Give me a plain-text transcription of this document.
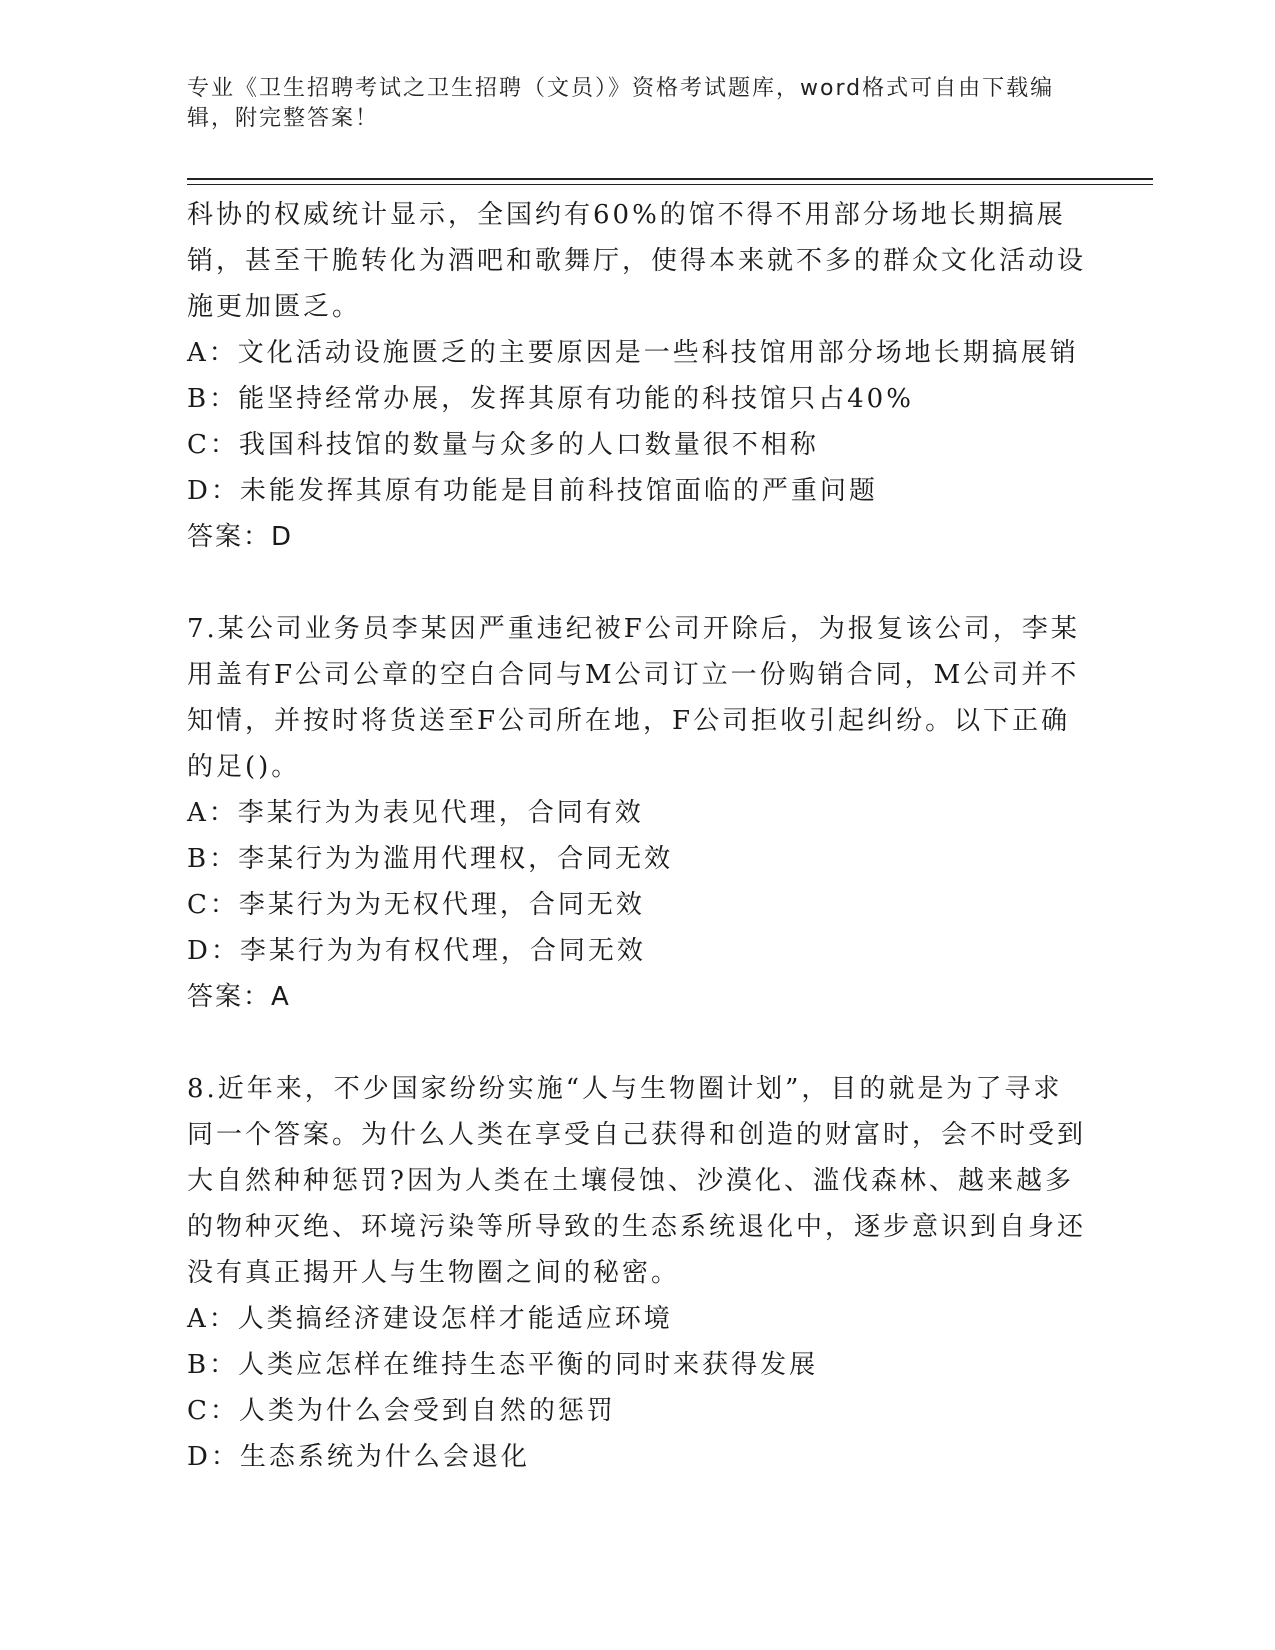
专业《卫生招聘考试之卫生招聘（文员）》资格考试题库，word格式可自由下载编辑，附完整答案！
科协的权威统计显示，全国约有60%的馆不得不用部分场地长期搞展销，甚至干脆转化为酒吧和歌舞厅，使得本来就不多的群众文化活动设施更加匮乏。
A：文化活动设施匮乏的主要原因是一些科技馆用部分场地长期搞展销
B：能坚持经常办展，发挥其原有功能的科技馆只占40%
C：我国科技馆的数量与众多的人口数量很不相称
D：未能发挥其原有功能是目前科技馆面临的严重问题
答案：D
7.某公司业务员李某因严重违纪被F公司开除后，为报复该公司，李某用盖有F公司公章的空白合同与M公司订立一份购销合同，M公司并不知情，并按时将货送至F公司所在地，F公司拒收引起纠纷。以下正确的足()。
A：李某行为为表见代理，合同有效
B：李某行为为滥用代理权，合同无效
C：李某行为为无权代理，合同无效
D：李某行为为有权代理，合同无效
答案：A
8.近年来，不少国家纷纷实施“人与生物圈计划”，目的就是为了寻求同一个答案。为什么人类在享受自己获得和创造的财富时，会不时受到大自然种种惩罚?因为人类在土壤侵蚀、沙漠化、滥伐森林、越来越多的物种灭绝、环境污染等所导致的生态系统退化中，逐步意识到自身还没有真正揭开人与生物圈之间的秘密。
A：人类搞经济建设怎样才能适应环境
B：人类应怎样在维持生态平衡的同时来获得发展
C：人类为什么会受到自然的惩罚
D：生态系统为什么会退化
